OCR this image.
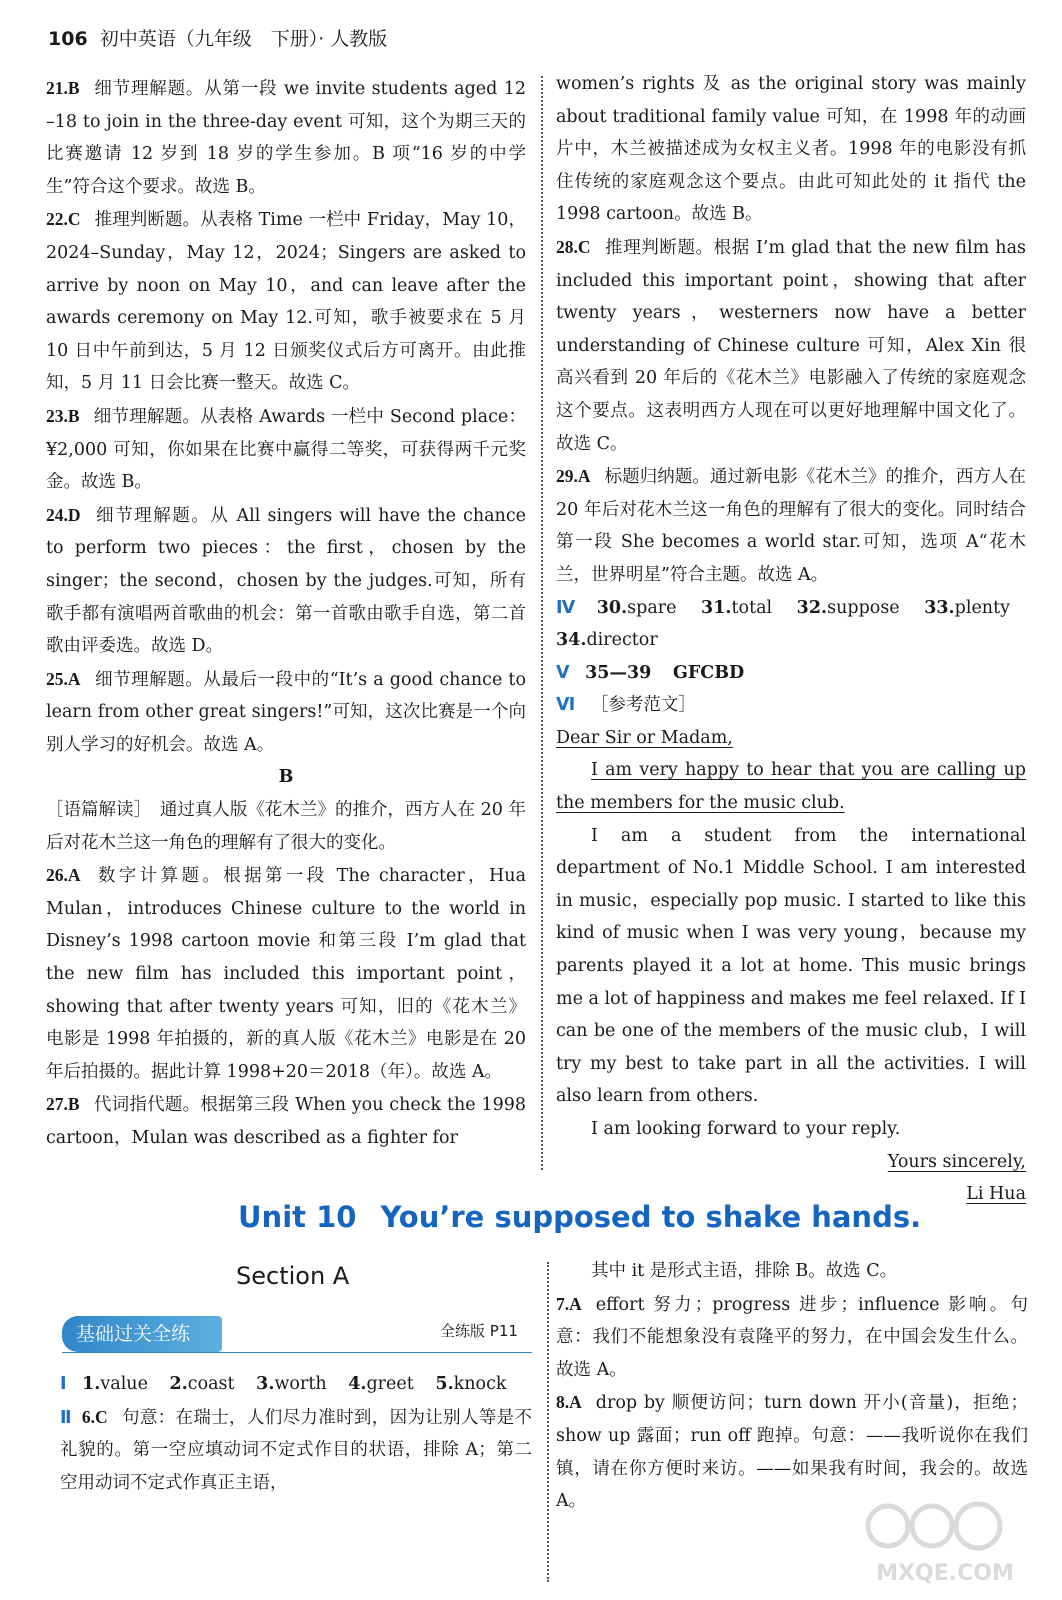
106 初中英语（九年级　下册）· 人教版

21.B 细节理解题。从第一段 we invite students aged 12 –18 to join in the three-day event 可知，这个为期三天的比赛邀请 12 岁到 18 岁的学生参加。B 项“16 岁的中学生”符合这个要求。故选 B。

22.C 推理判断题。从表格 Time 一栏中 Friday，May 10，2024–Sunday，May 12，2024；Singers are asked to arrive by noon on May 10，and can leave after the awards ceremony on May 12.可知，歌手被要求在 5 月 10 日中午前到达，5 月 12 日颁奖仪式后方可离开。由此推知，5 月 11 日会比赛一整天。故选 C。

23.B 细节理解题。从表格 Awards 一栏中 Second place：¥2,000 可知，你如果在比赛中赢得二等奖，可获得两千元奖金。故选 B。

24.D 细节理解题。从 All singers will have the chance to perform two pieces：the first，chosen by the singer；the second，chosen by the judges.可知，所有歌手都有演唱两首歌曲的机会：第一首歌由歌手自选，第二首歌由评委选。故选 D。

25.A 细节理解题。从最后一段中的“It’s a good chance to learn from other great singers!”可知，这次比赛是一个向别人学习的好机会。故选 A。

B

［语篇解读］　通过真人版《花木兰》的推介，西方人在 20 年后对花木兰这一角色的理解有了很大的变化。

26.A 数字计算题。根据第一段 The character，Hua Mulan，introduces Chinese culture to the world in Disney’s 1998 cartoon movie 和第三段 I’m glad that the new film has included this important point，showing that after twenty years 可知，旧的《花木兰》电影是 1998 年拍摄的，新的真人版《花木兰》电影是在 20 年后拍摄的。据此计算 1998+20＝2018（年）。故选 A。

27.B 代词指代题。根据第三段 When you check the 1998 cartoon，Mulan was described as a fighter for

women’s rights 及 as the original story was mainly about traditional family value 可知，在 1998 年的动画片中，木兰被描述成为女权主义者。1998 年的电影没有抓住传统的家庭观念这个要点。由此可知此处的 it 指代 the 1998 cartoon。故选 B。

28.C 推理判断题。根据 I’m glad that the new film has included this important point，showing that after twenty years，westerners now have a better understanding of Chinese culture 可知，Alex Xin 很高兴看到 20 年后的《花木兰》电影融入了传统的家庭观念这个要点。这表明西方人现在可以更好地理解中国文化了。故选 C。

29.A 标题归纳题。通过新电影《花木兰》的推介，西方人在 20 年后对花木兰这一角色的理解有了很大的变化。同时结合第一段 She becomes a world star.可知，选项 A“花木兰，世界明星”符合主题。故选 A。

Ⅳ 30.spare 31.total 32.suppose 33.plenty 34.director

Ⅴ 35—39 GFCBD

Ⅵ ［参考范文］

Dear Sir or Madam,

I am very happy to hear that you are calling up the members for the music club.

I am a student from the international department of No.1 Middle School. I am interested in music，especially pop music. I started to like this kind of music when I was very young，because my parents played it a lot at home. This music brings me a lot of happiness and makes me feel relaxed. If I can be one of the members of the music club，I will try my best to take part in all the activities. I will also learn from others.

I am looking forward to your reply.

Yours sincerely,

Li Hua

Unit 10 You’re supposed to shake hands.
Section A
基础过关全练	全练版 P11

Ⅰ 1.value 2.coast 3.worth 4.greet 5.knock

Ⅱ 6.C 句意：在瑞士，人们尽力准时到，因为让别人等是不礼貌的。第一空应填动词不定式作目的状语，排除 A；第二空用动词不定式作真正主语，

其中 it 是形式主语，排除 B。故选 C。

7.A effort 努力；progress 进步；influence 影响。句意：我们不能想象没有袁隆平的努力，在中国会发生什么。故选 A。

8.A drop by 顺便访问；turn down 开小(音量)，拒绝；show up 露面；run off 跑掉。句意：——我听说你在我们镇，请在你方便时来访。——如果我有时间，我会的。故选 A。

MXQE.COM
